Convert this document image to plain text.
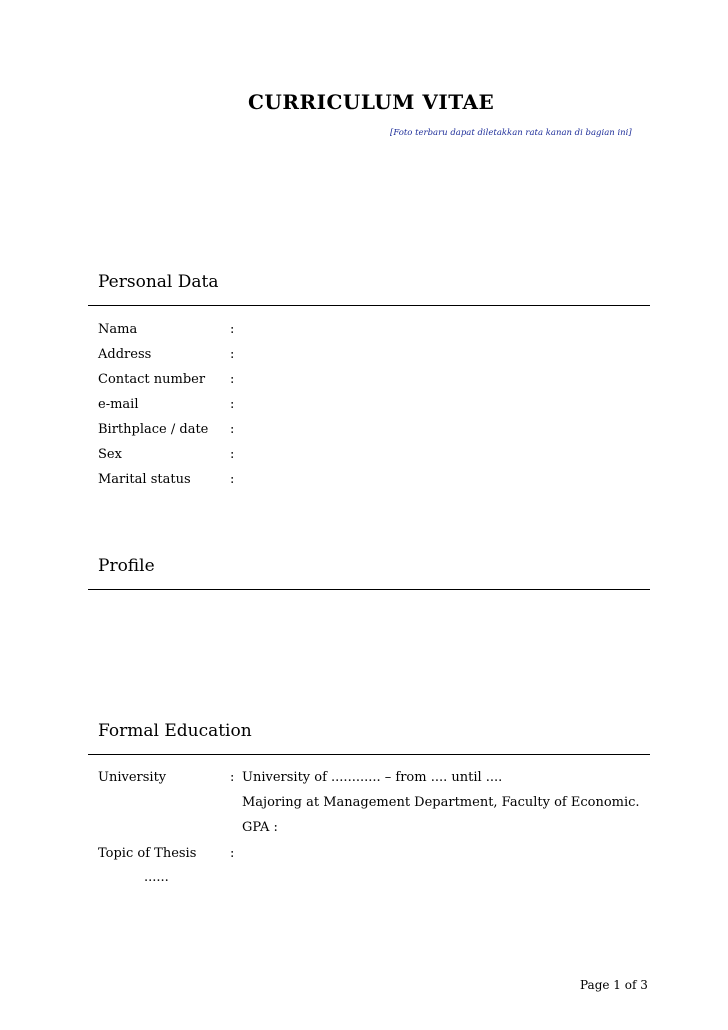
CURRICULUM VITAE
[Foto terbaru dapat diletakkan rata kanan di bagian ini]
Personal Data
Nama	:
Address	:
Contact number :
e-mail	:
Birthplace / date :
Sex	:
Marital status	:
Profile
Formal Education
University	: University of ............ – from .... until ....
Majoring at Management Department, Faculty of Economic.
GPA :
Topic of Thesis	:
......
Page 1 of 3
